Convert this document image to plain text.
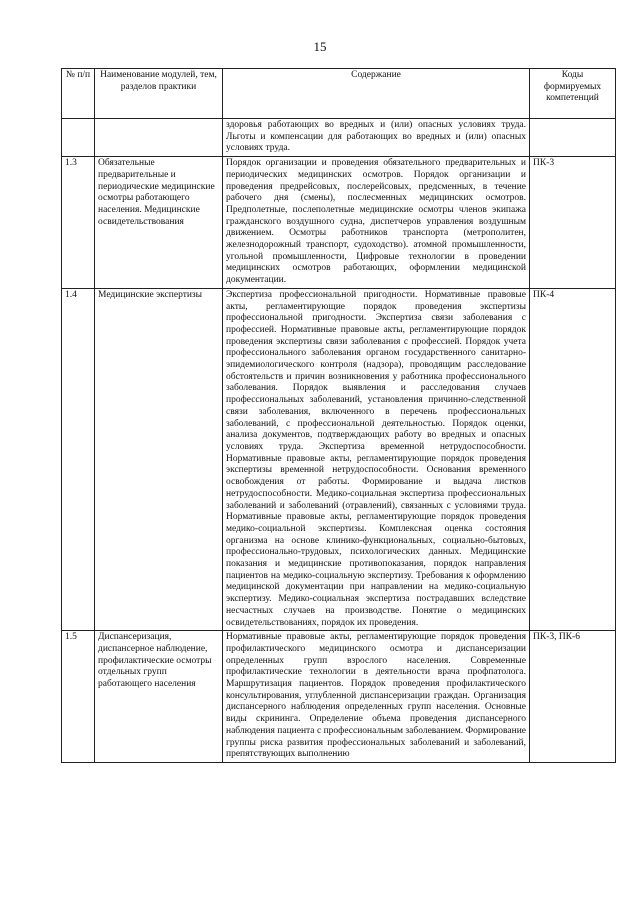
15
№ п/п	Наименование модулей, тем, разделов практики	Содержание	Коды формируемых компетенций
		здоровья работающих во вредных и (или) опасных условиях труда. Льготы и компенсации для работающих во вредных и (или) опасных условиях труда.	
1.3	Обязательные предварительные и периодические медицинские осмотры работающего населения. Медицинские освидетельствования	Порядок организации и проведения обязательного предварительных и периодических медицинских осмотров. Порядок организации и проведения предрейсовых, послерейсовых, предсменных, в течение рабочего дня (смены), послесменных медицинских осмотров. Предполетные, послеполетные медицинские осмотры членов экипажа гражданского воздушного судна, диспетчеров управления воздушным движением. Осмотры работников транспорта (метрополитен, железнодорожный транспорт, судоходство). атомной промышленности, угольной промышленности, Цифровые технологии в проведении медицинских осмотров работающих, оформлении медицинской документации.	ПК-3
1.4	Медицинские экспертизы	Экспертиза профессиональной пригодности. Нормативные правовые акты, регламентирующие порядок проведения экспертизы профессиональной пригодности. Экспертиза связи заболевания с профессией. Нормативные правовые акты, регламентирующие порядок проведения экспертизы связи заболевания с профессией. Порядок учета профессионального заболевания органом государственного санитарно-эпидемиологического контроля (надзора), проводящим расследование обстоятельств и причин возникновения у работника профессионального заболевания. Порядок выявления и расследования случаев профессиональных заболеваний, установления причинно-следственной связи заболевания, включенного в перечень профессиональных заболеваний, с профессиональной деятельностью. Порядок оценки, анализа документов, подтверждающих работу во вредных и опасных условиях труда. Экспертиза временной нетрудоспособности. Нормативные правовые акты, регламентирующие порядок проведения экспертизы временной нетрудоспособности. Основания временного освобождения от работы. Формирование и выдача листков нетрудоспособности. Медико-социальная экспертиза профессиональных заболеваний и заболеваний (отравлений), связанных с условиями труда. Нормативные правовые акты, регламентирующие порядок проведения медико-социальной экспертизы. Комплексная оценка состояния организма на основе клинико-функциональных, социально-бытовых, профессионально-трудовых, психологических данных. Медицинские показания и медицинские противопоказания, порядок направления пациентов на медико-социальную экспертизу. Требования к оформлению медицинской документации при направлении на медико-социальную экспертизу. Медико-социальная экспертиза пострадавших вследствие несчастных случаев на производстве. Понятие о медицинских освидетельствованиях, порядок их проведения.	ПК-4
1.5	Диспансеризация, диспансерное наблюдение, профилактические осмотры отдельных групп работающего населения	Нормативные правовые акты, регламентирующие порядок проведения профилактического медицинского осмотра и диспансеризации определенных групп взрослого населения. Современные профилактические технологии в деятельности врача профпатолога. Маршрутизация пациентов. Порядок проведения профилактического консультирования, углубленной диспансеризации граждан. Организация диспансерного наблюдения определенных групп населения. Основные виды скрининга. Определение объема проведения диспансерного наблюдения пациента с профессиональным заболеванием. Формирование группы риска развития профессиональных заболеваний и заболеваний, препятствующих выполнению	ПК-3, ПК-6
